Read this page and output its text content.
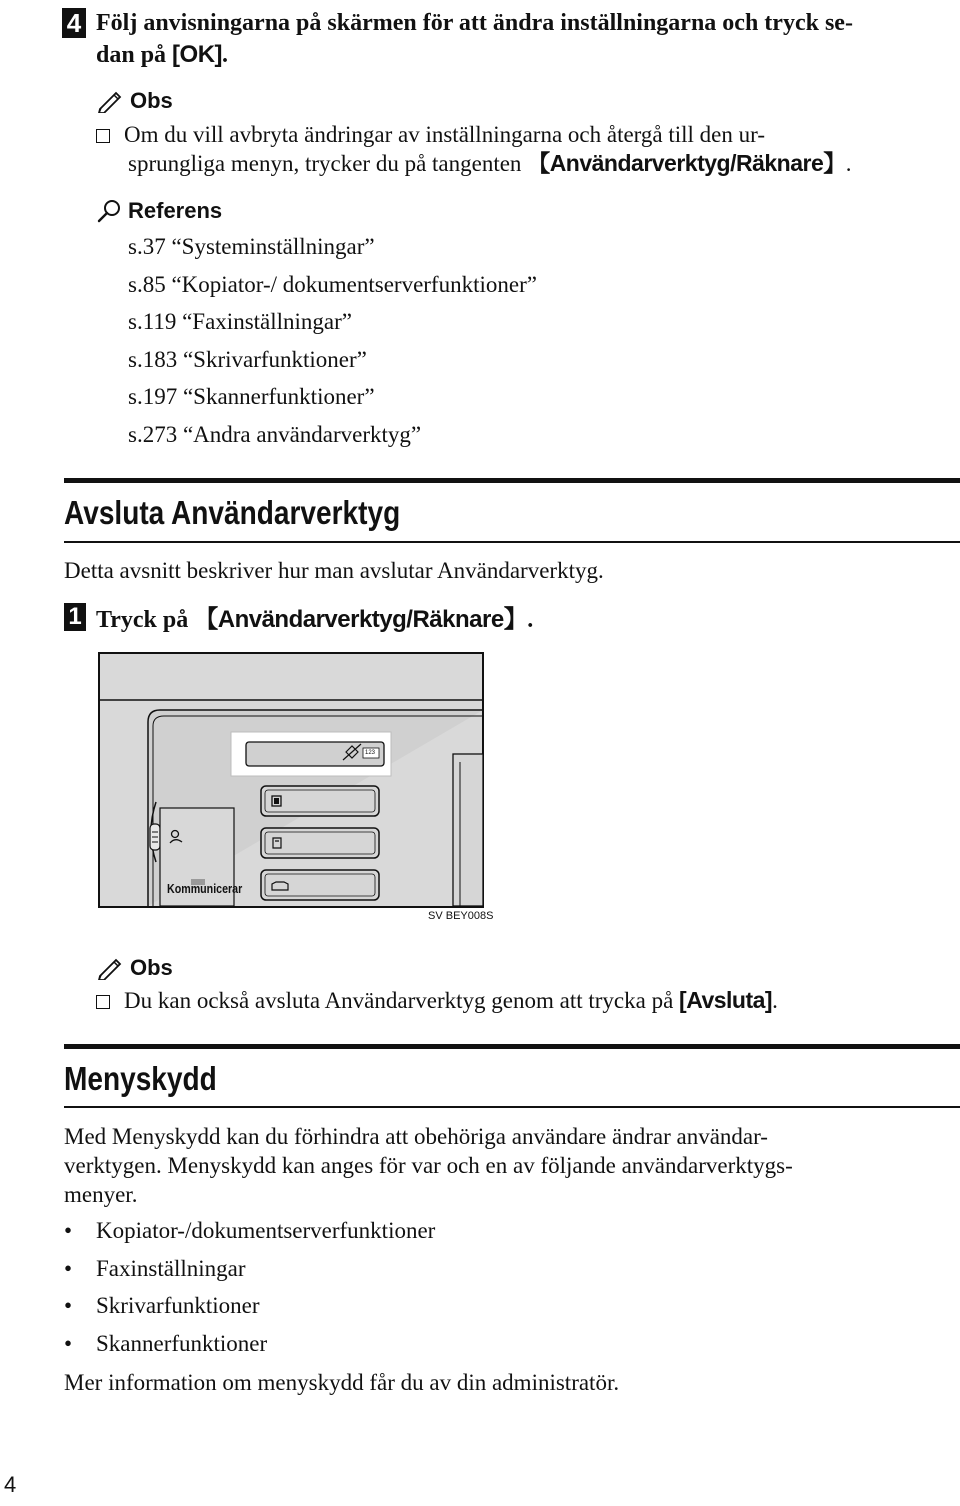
4 Följ anvisningarna på skärmen för att ändra inställningarna och tryck se-
dan på [OK].
Obs
Om du vill avbryta ändringar av inställningarna och återgå till den ur-
sprungliga menyn, trycker du på tangenten 【Användarverktyg/Räknare】.
Referens
s.37 “Systeminställningar”
s.85 “Kopiator-/ dokumentserverfunktioner”
s.119 “Faxinställningar”
s.183 “Skrivarfunktioner”
s.197 “Skannerfunktioner”
s.273 “Andra användarverktyg”
Avsluta Användarverktyg
Detta avsnitt beskriver hur man avslutar Användarverktyg.
1 Tryck på 【Användarverktyg/Räknare】.
Kommunicerar
123
SV BEY008S
Obs
Du kan också avsluta Användarverktyg genom att trycka på [Avsluta].
Menyskydd
Med Menyskydd kan du förhindra att obehöriga användare ändrar användar-
verktygen. Menyskydd kan anges för var och en av följande användarverktygs-
menyer.
• Kopiator-/dokumentserverfunktioner
• Faxinställningar
• Skrivarfunktioner
• Skannerfunktioner
Mer information om menyskydd får du av din administratör.
4
